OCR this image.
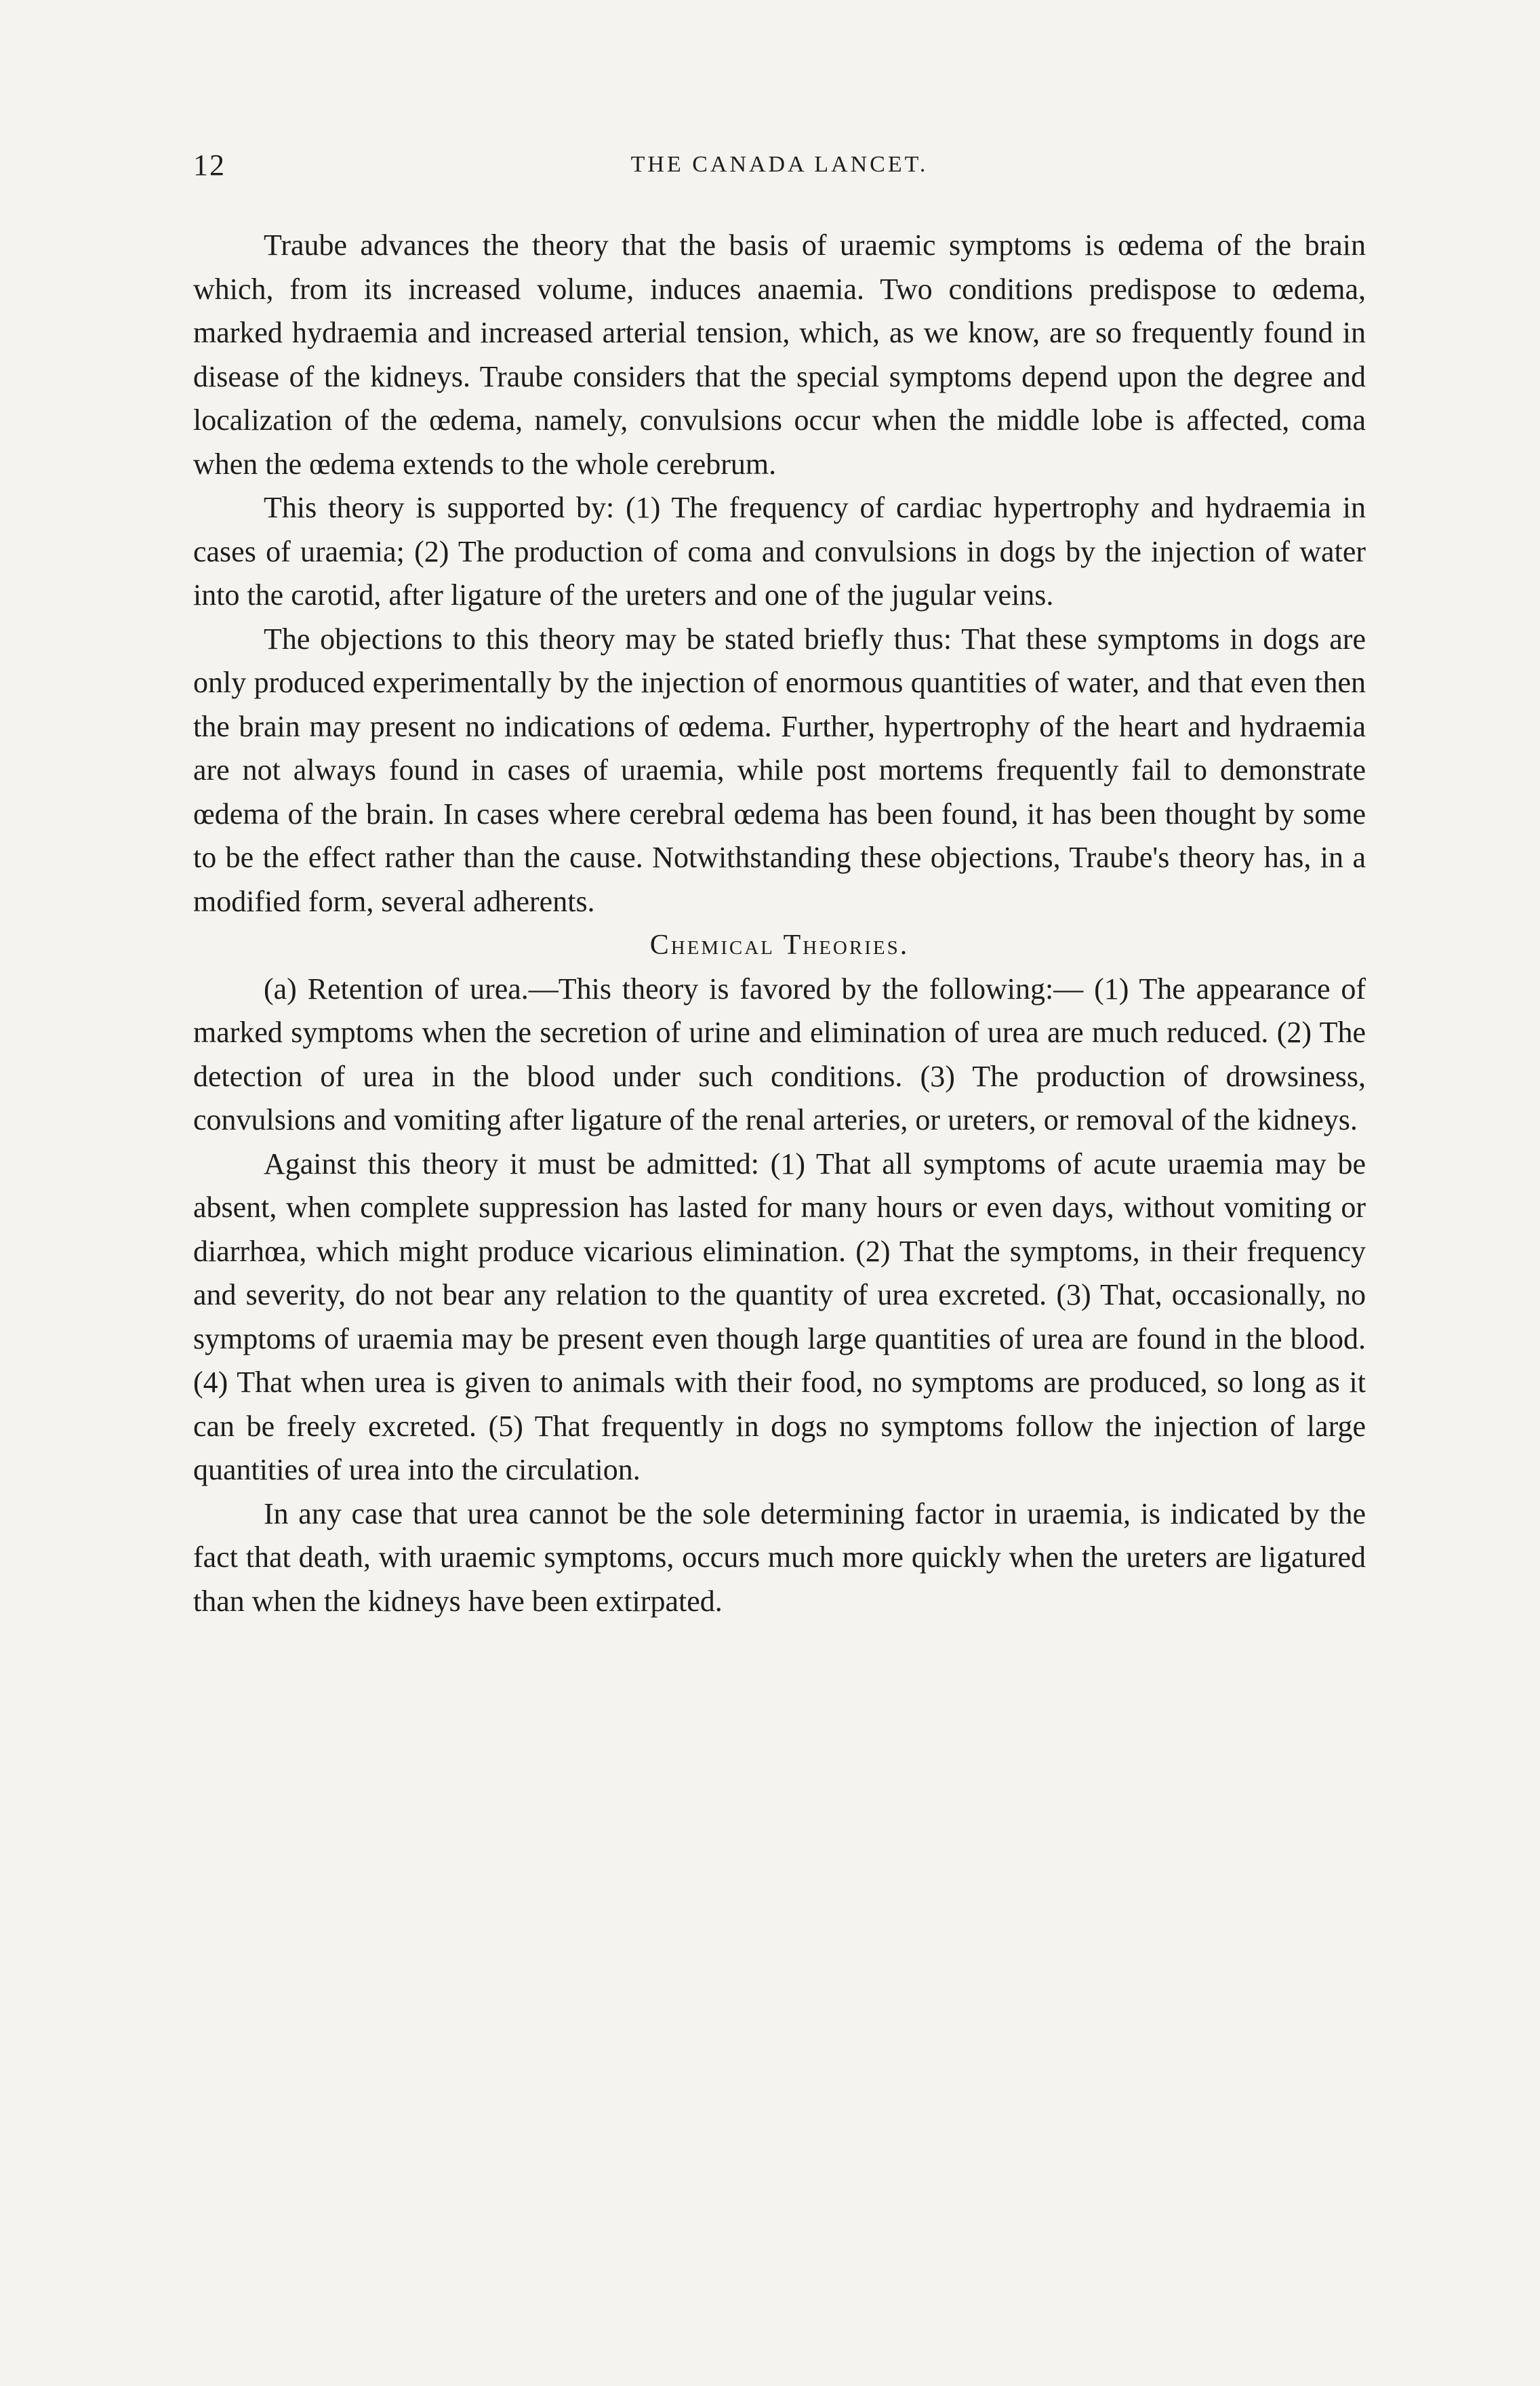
12	THE CANADA LANCET.

Traube advances the theory that the basis of uraemic symptoms is œdema of the brain which, from its increased volume, induces anaemia. Two conditions predispose to œdema, marked hydraemia and increased arterial tension, which, as we know, are so frequently found in disease of the kidneys. Traube considers that the special symptoms depend upon the degree and localization of the œdema, namely, convulsions occur when the middle lobe is affected, coma when the œdema extends to the whole cerebrum.

This theory is supported by: (1) The frequency of cardiac hypertrophy and hydraemia in cases of uraemia; (2) The production of coma and convulsions in dogs by the injection of water into the carotid, after ligature of the ureters and one of the jugular veins.

The objections to this theory may be stated briefly thus: That these symptoms in dogs are only produced experimentally by the injection of enormous quantities of water, and that even then the brain may present no indications of œdema. Further, hypertrophy of the heart and hydraemia are not always found in cases of uraemia, while post mortems frequently fail to demonstrate œdema of the brain. In cases where cerebral œdema has been found, it has been thought by some to be the effect rather than the cause. Notwithstanding these objections, Traube's theory has, in a modified form, several adherents.

Chemical Theories.

(a) Retention of urea.—This theory is favored by the following:— (1) The appearance of marked symptoms when the secretion of urine and elimination of urea are much reduced. (2) The detection of urea in the blood under such conditions. (3) The production of drowsiness, convulsions and vomiting after ligature of the renal arteries, or ureters, or removal of the kidneys.

Against this theory it must be admitted: (1) That all symptoms of acute uraemia may be absent, when complete suppression has lasted for many hours or even days, without vomiting or diarrhœa, which might produce vicarious elimination. (2) That the symptoms, in their frequency and severity, do not bear any relation to the quantity of urea excreted. (3) That, occasionally, no symptoms of uraemia may be present even though large quantities of urea are found in the blood. (4) That when urea is given to animals with their food, no symptoms are produced, so long as it can be freely excreted. (5) That frequently in dogs no symptoms follow the injection of large quantities of urea into the circulation.

In any case that urea cannot be the sole determining factor in uraemia, is indicated by the fact that death, with uraemic symptoms, occurs much more quickly when the ureters are ligatured than when the kidneys have been extirpated.
